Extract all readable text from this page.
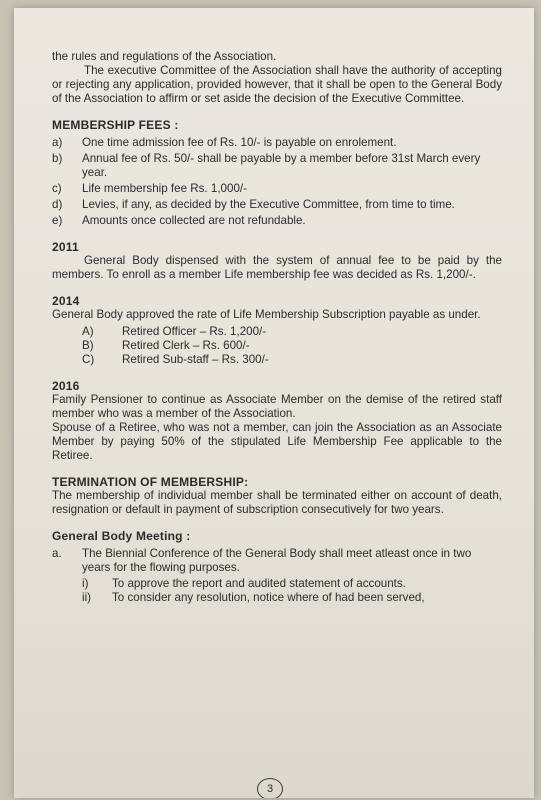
the rules and regulations of the Association.

The executive Committee of the Association shall have the authority of accepting or rejecting any application, provided however, that it shall be open to the General Body of the Association to affirm or set aside the decision of the Executive Committee.

MEMBERSHIP FEES :
a)	One time admission fee of Rs. 10/- is payable on enrolement.
b)	Annual fee of Rs. 50/- shall be payable by a member before 31st March every year.
c)	Life membership fee Rs. 1,000/-
d)	Levies, if any, as decided by the Executive Committee, from time to time.
e)	Amounts once collected are not refundable.
2011

General Body dispensed with the system of annual fee to be paid by the members. To enroll as a member Life membership fee was decided as Rs. 1,200/-.

2014

General Body approved the rate of Life Membership Subscription payable as under.

A)	Retired Officer – Rs. 1,200/-
B)	Retired Clerk – Rs. 600/-
C)	Retired Sub-staff – Rs. 300/-
2016

Family Pensioner to continue as Associate Member on the demise of the retired staff member who was a member of the Association.

Spouse of a Retiree, who was not a member, can join the Association as an Associate Member by paying 50% of the stipulated Life Membership Fee applicable to the Retiree.

TERMINATION OF MEMBERSHIP:

The membership of individual member shall be terminated either on account of death, resignation or default in payment of subscription consecutively for two years.

General Body Meeting :
a.	The Biennial Conference of the General Body shall meet atleast once in two years for the flowing purposes.
i)	To approve the report and audited statement of accounts.
ii)	To consider any resolution, notice where of had been served,
3
